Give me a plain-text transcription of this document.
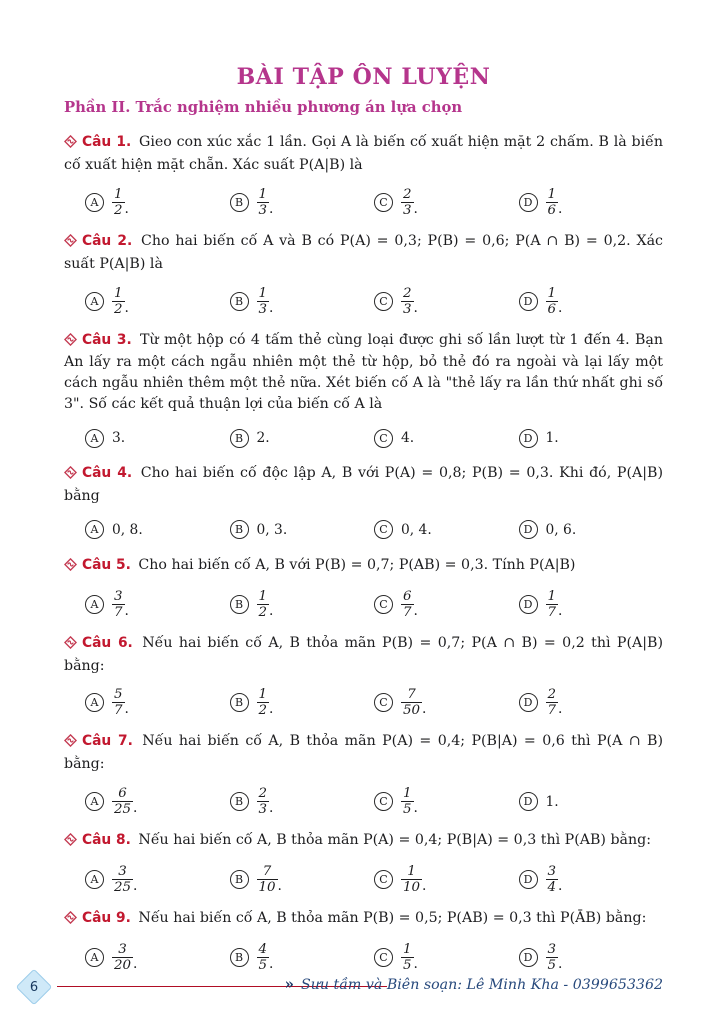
BÀI TẬP ÔN LUYỆN
Phần II. Trắc nghiệm nhiều phương án lựa chọn

Câu 1. Gieo con xúc xắc 1 lần. Gọi A là biến cố xuất hiện mặt 2 chấm. B là biến cố xuất hiện mặt chẵn. Xác suất P(A|B) là

A	$\frac{1}{2}$ .	B	$\frac{1}{3}$ .	C $\frac{2}{3}$ .	D $\frac{1}{6}$ .

Câu 2. Cho hai biến cố A và B có P(A) = 0,3; P(B) = 0,6; P(A ∩ B) = 0,2. Xác suất P(A|B) là

A	$\frac{1}{2}$ .	B	$\frac{1}{3}$ .	C $\frac{2}{3}$ .	D $\frac{1}{6}$ .

Câu 3. Từ một hộp có 4 tấm thẻ cùng loại được ghi số lần lượt từ 1 đến 4. Bạn An lấy ra một cách ngẫu nhiên một thẻ từ hộp, bỏ thẻ đó ra ngoài và lại lấy một cách ngẫu nhiên thêm một thẻ nữa. Xét biến cố A là "thẻ lấy ra lần thứ nhất ghi số 3". Số các kết quả thuận lợi của biến cố A là

A 3.	B 2.	C 4.	D 1.

Câu 4. Cho hai biến cố độc lập A, B với P(A) = 0,8; P(B) = 0,3. Khi đó, P(A|B) bằng

A 0, 8.	B 0, 3.	C 0, 4.	D 0, 6.

Câu 5. Cho hai biến cố A, B với P(B) = 0,7; P(AB) = 0,3. Tính P(A|B)

A	$\frac{3}{7}$ .	B	$\frac{1}{2}$ .	C $\frac{6}{7}$ .	D $\frac{1}{7}$ .

Câu 6. Nếu hai biến cố A, B thỏa mãn P(B) = 0,7; P(A ∩ B) = 0,2 thì P(A|B) bằng:

A	$\frac{5}{7}$ .	B	$\frac{1}{2}$ .	C $\frac{7}{50}$ .	D $\frac{2}{7}$ .

Câu 7. Nếu hai biến cố A, B thỏa mãn P(A) = 0,4; P(B|A) = 0,6 thì P(A ∩ B) bằng:

A	$\frac{6}{25}$ .	B	$\frac{2}{3}$ .	C $\frac{1}{5}$ .	D 1.

Câu 8. Nếu hai biến cố A, B thỏa mãn P(A) = 0,4; P(B|A) = 0,3 thì P(AB) bằng:

A	$\frac{3}{25}$ .	B	$\frac{7}{10}$ .	C $\frac{1}{10}$ .	D $\frac{3}{4}$ .

Câu 9. Nếu hai biến cố A, B thỏa mãn P(B) = 0,5; P(AB) = 0,3 thì P(ĀB) bằng:

A	$\frac{3}{20}$ .	B	$\frac{4}{5}$ .	C $\frac{1}{5}$ .	D $\frac{3}{5}$ .
6	» Sưu tầm và Biên soạn: Lê Minh Kha - 0399653362
